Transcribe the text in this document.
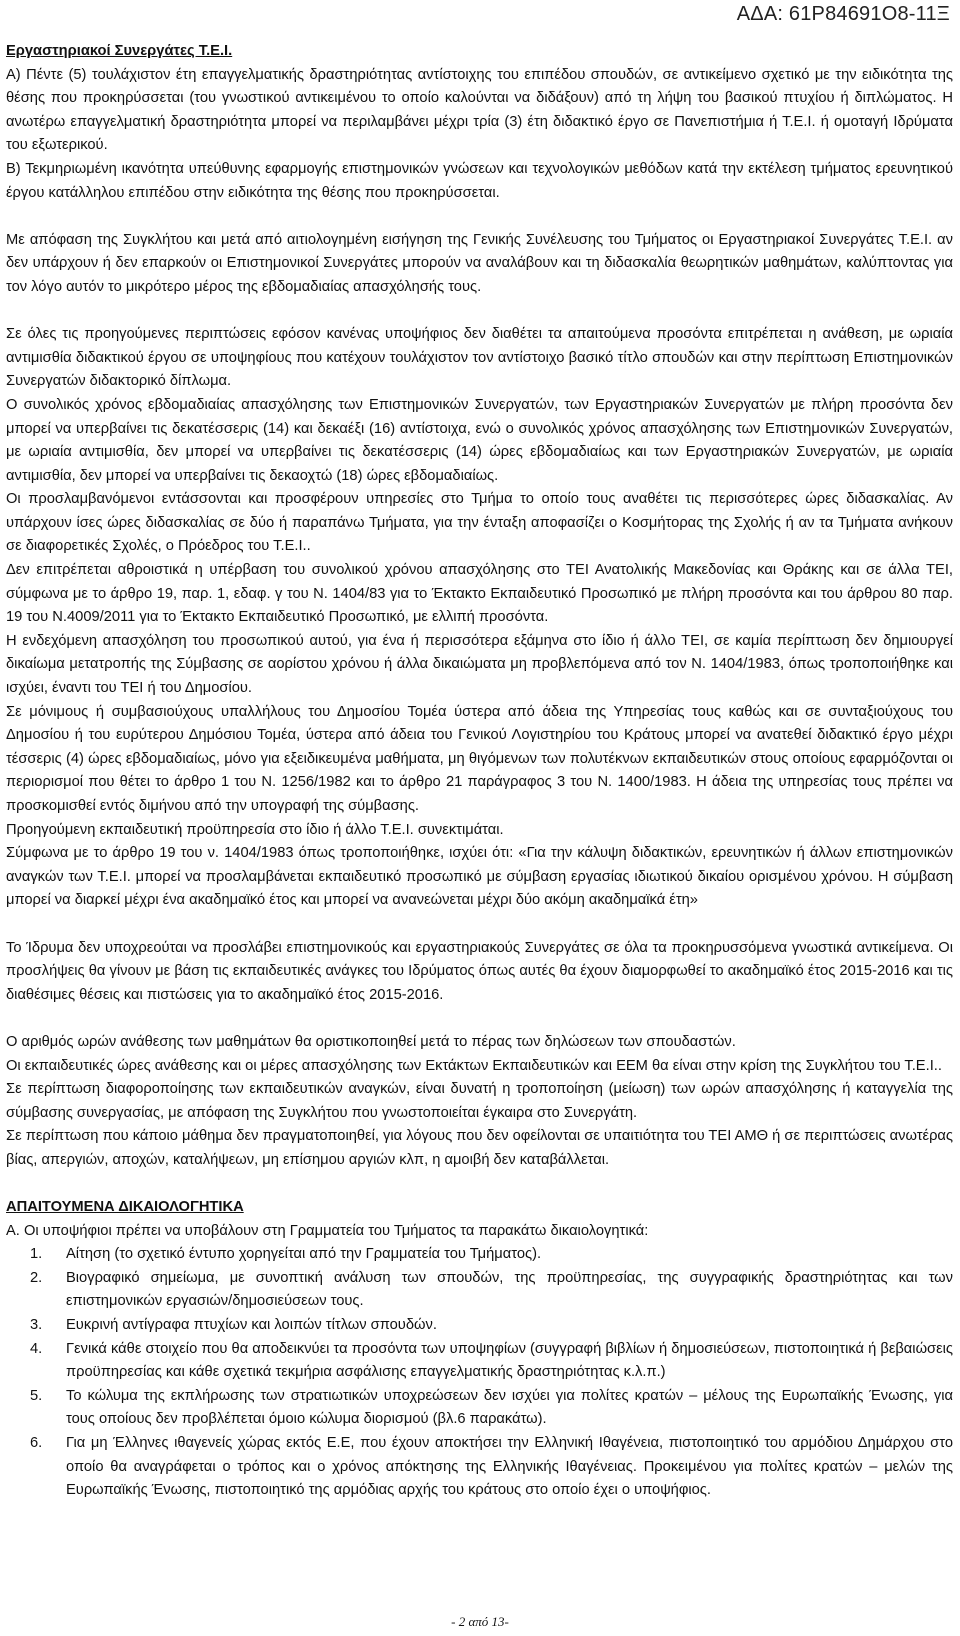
ΑΔΑ: 61Ρ84691Ο8-11Ξ

Εργαστηριακοί Συνεργάτες Τ.Ε.Ι.

Α) Πέντε (5) τουλάχιστον έτη επαγγελματικής δραστηριότητας αντίστοιχης του επιπέδου σπουδών, σε αντικείμενο σχετικό με την ειδικότητα της θέσης που προκηρύσσεται (του γνωστικού αντικειμένου το οποίο καλούνται να διδάξουν) από τη λήψη του βασικού πτυχίου ή διπλώματος. Η ανωτέρω επαγγελματική δραστηριότητα μπορεί να περιλαμβάνει μέχρι τρία (3) έτη διδακτικό έργο σε Πανεπιστήμια ή Τ.Ε.Ι. ή ομοταγή Ιδρύματα του εξωτερικού.

Β) Τεκμηριωμένη ικανότητα υπεύθυνης εφαρμογής επιστημονικών γνώσεων και τεχνολογικών μεθόδων κατά την εκτέλεση τμήματος ερευνητικού έργου κατάλληλου επιπέδου στην ειδικότητα της θέσης που προκηρύσσεται.

Με απόφαση της Συγκλήτου και μετά από αιτιολογημένη εισήγηση της Γενικής Συνέλευσης του Τμήματος οι Εργαστηριακοί Συνεργάτες Τ.Ε.Ι. αν δεν υπάρχουν ή δεν επαρκούν οι Επιστημονικοί Συνεργάτες μπορούν να αναλάβουν και τη διδασκαλία θεωρητικών μαθημάτων, καλύπτοντας για τον λόγο αυτόν το μικρότερο μέρος της εβδομαδιαίας απασχόλησής τους.

Σε όλες τις προηγούμενες περιπτώσεις εφόσον κανένας υποψήφιος δεν διαθέτει τα απαιτούμενα προσόντα επιτρέπεται η ανάθεση, με ωριαία αντιμισθία διδακτικού έργου σε υποψηφίους που κατέχουν τουλάχιστον τον αντίστοιχο βασικό τίτλο σπουδών και στην περίπτωση Επιστημονικών Συνεργατών διδακτορικό δίπλωμα.

Ο συνολικός χρόνος εβδομαδιαίας απασχόλησης των Επιστημονικών Συνεργατών, των Εργαστηριακών Συνεργατών με πλήρη προσόντα δεν μπορεί να υπερβαίνει τις δεκατέσσερις (14) και δεκαέξι (16) αντίστοιχα, ενώ ο συνολικός χρόνος απασχόλησης των Επιστημονικών Συνεργατών, με ωριαία αντιμισθία, δεν μπορεί να υπερβαίνει τις δεκατέσσερις (14) ώρες εβδομαδιαίως και των Εργαστηριακών Συνεργατών, με ωριαία αντιμισθία, δεν μπορεί να υπερβαίνει τις δεκαοχτώ (18) ώρες εβδομαδιαίως.

Οι προσλαμβανόμενοι εντάσσονται και προσφέρουν υπηρεσίες στο Τμήμα το οποίο τους αναθέτει τις περισσότερες ώρες διδασκαλίας. Αν υπάρχουν ίσες ώρες διδασκαλίας σε δύο ή παραπάνω Τμήματα, για την ένταξη αποφασίζει ο Κοσμήτορας της Σχολής ή αν τα Τμήματα ανήκουν σε διαφορετικές Σχολές, ο Πρόεδρος του Τ.Ε.Ι..

Δεν επιτρέπεται αθροιστικά η υπέρβαση του συνολικού χρόνου απασχόλησης στο ΤΕΙ Ανατολικής Μακεδονίας και Θράκης και σε άλλα ΤΕΙ, σύμφωνα με το άρθρο 19, παρ. 1, εδαφ. γ του Ν. 1404/83 για το Έκτακτο Εκπαιδευτικό Προσωπικό με πλήρη προσόντα και του άρθρου 80 παρ. 19 του Ν.4009/2011 για το Έκτακτο Εκπαιδευτικό Προσωπικό, με ελλιπή προσόντα.

Η ενδεχόμενη απασχόληση του προσωπικού αυτού, για ένα ή περισσότερα εξάμηνα στο ίδιο ή άλλο ΤΕΙ, σε καμία περίπτωση δεν δημιουργεί δικαίωμα μετατροπής της Σύμβασης σε αορίστου χρόνου ή άλλα δικαιώματα μη προβλεπόμενα από τον Ν. 1404/1983, όπως τροποποιήθηκε και ισχύει, έναντι του ΤΕΙ ή του Δημοσίου.

Σε μόνιμους ή συμβασιούχους υπαλλήλους του Δημοσίου Τομέα ύστερα από άδεια της Υπηρεσίας τους καθώς και σε συνταξιούχους του Δημοσίου ή του ευρύτερου Δημόσιου Τομέα, ύστερα από άδεια του Γενικού Λογιστηρίου του Κράτους μπορεί να ανατεθεί διδακτικό έργο μέχρι τέσσερις (4) ώρες εβδομαδιαίως, μόνο για εξειδικευμένα μαθήματα, μη θιγόμενων των πολυτέκνων εκπαιδευτικών στους οποίους εφαρμόζονται οι περιορισμοί που θέτει το άρθρο 1 του Ν. 1256/1982 και το άρθρο 21 παράγραφος 3 του Ν. 1400/1983. Η άδεια της υπηρεσίας τους πρέπει να προσκομισθεί εντός διμήνου από την υπογραφή της σύμβασης.

Προηγούμενη εκπαιδευτική προϋπηρεσία στο ίδιο ή άλλο Τ.Ε.Ι. συνεκτιμάται.

Σύμφωνα με το άρθρο 19 του ν. 1404/1983 όπως τροποποιήθηκε, ισχύει ότι: «Για την κάλυψη διδακτικών, ερευνητικών ή άλλων επιστημονικών αναγκών των Τ.Ε.Ι. μπορεί να προσλαμβάνεται εκπαιδευτικό προσωπικό με σύμβαση εργασίας ιδιωτικού δικαίου ορισμένου χρόνου. Η σύμβαση μπορεί να διαρκεί μέχρι ένα ακαδημαϊκό έτος και μπορεί να ανανεώνεται μέχρι δύο ακόμη ακαδημαϊκά έτη»

Το Ίδρυμα δεν υποχρεούται να προσλάβει επιστημονικούς και εργαστηριακούς Συνεργάτες σε όλα τα προκηρυσσόμενα γνωστικά αντικείμενα. Οι προσλήψεις θα γίνουν με βάση τις εκπαιδευτικές ανάγκες του Ιδρύματος όπως αυτές θα έχουν διαμορφωθεί το ακαδημαϊκό έτος 2015-2016 και τις διαθέσιμες θέσεις και πιστώσεις για το ακαδημαϊκό έτος 2015-2016.

Ο αριθμός ωρών ανάθεσης των μαθημάτων θα οριστικοποιηθεί μετά το πέρας των δηλώσεων των σπουδαστών.

Οι εκπαιδευτικές ώρες ανάθεσης και οι μέρες απασχόλησης των Εκτάκτων Εκπαιδευτικών και ΕΕΜ θα είναι στην κρίση της Συγκλήτου του Τ.Ε.Ι..

Σε περίπτωση διαφοροποίησης των εκπαιδευτικών αναγκών, είναι δυνατή η τροποποίηση (μείωση) των ωρών απασχόλησης ή καταγγελία της σύμβασης συνεργασίας, με απόφαση της Συγκλήτου που γνωστοποιείται έγκαιρα στο Συνεργάτη.

Σε περίπτωση που κάποιο μάθημα δεν πραγματοποιηθεί, για λόγους που δεν οφείλονται σε υπαιτιότητα του ΤΕΙ ΑΜΘ ή σε περιπτώσεις ανωτέρας βίας, απεργιών, αποχών, καταλήψεων, μη επίσημου αργιών κλπ, η αμοιβή δεν καταβάλλεται.

ΑΠΑΙΤΟΥΜΕΝΑ ΔΙΚΑΙΟΛΟΓΗΤΙΚΑ

Α. Οι υποψήφιοι πρέπει να υποβάλουν στη Γραμματεία του Τμήματος τα παρακάτω δικαιολογητικά:

1.	Αίτηση (το σχετικό έντυπο χορηγείται από την Γραμματεία του Τμήματος).
2.	Βιογραφικό σημείωμα, με συνοπτική ανάλυση των σπουδών, της προϋπηρεσίας, της συγγραφικής δραστηριότητας και των επιστημονικών εργασιών/δημοσιεύσεων τους.
3.	Ευκρινή αντίγραφα πτυχίων και λοιπών τίτλων σπουδών.
4.	Γενικά κάθε στοιχείο που θα αποδεικνύει τα προσόντα των υποψηφίων (συγγραφή βιβλίων ή δημοσιεύσεων, πιστοποιητικά ή βεβαιώσεις προϋπηρεσίας και κάθε σχετικά τεκμήρια ασφάλισης επαγγελματικής δραστηριότητας κ.λ.π.)
5.	Το κώλυμα της εκπλήρωσης των στρατιωτικών υποχρεώσεων δεν ισχύει για πολίτες κρατών – μέλους της Ευρωπαϊκής Ένωσης, για τους οποίους δεν προβλέπεται όμοιο κώλυμα διορισμού (βλ.6 παρακάτω).
6.	Για μη Έλληνες ιθαγενείς χώρας εκτός Ε.Ε, που έχουν αποκτήσει την Ελληνική Ιθαγένεια, πιστοποιητικό του αρμόδιου Δημάρχου στο οποίο θα αναγράφεται ο τρόπος και ο χρόνος απόκτησης της Ελληνικής Ιθαγένειας. Προκειμένου για πολίτες κρατών – μελών της Ευρωπαϊκής Ένωσης, πιστοποιητικό της αρμόδιας αρχής του κράτους στο οποίο έχει ο υποψήφιος.
- 2 από 13-
